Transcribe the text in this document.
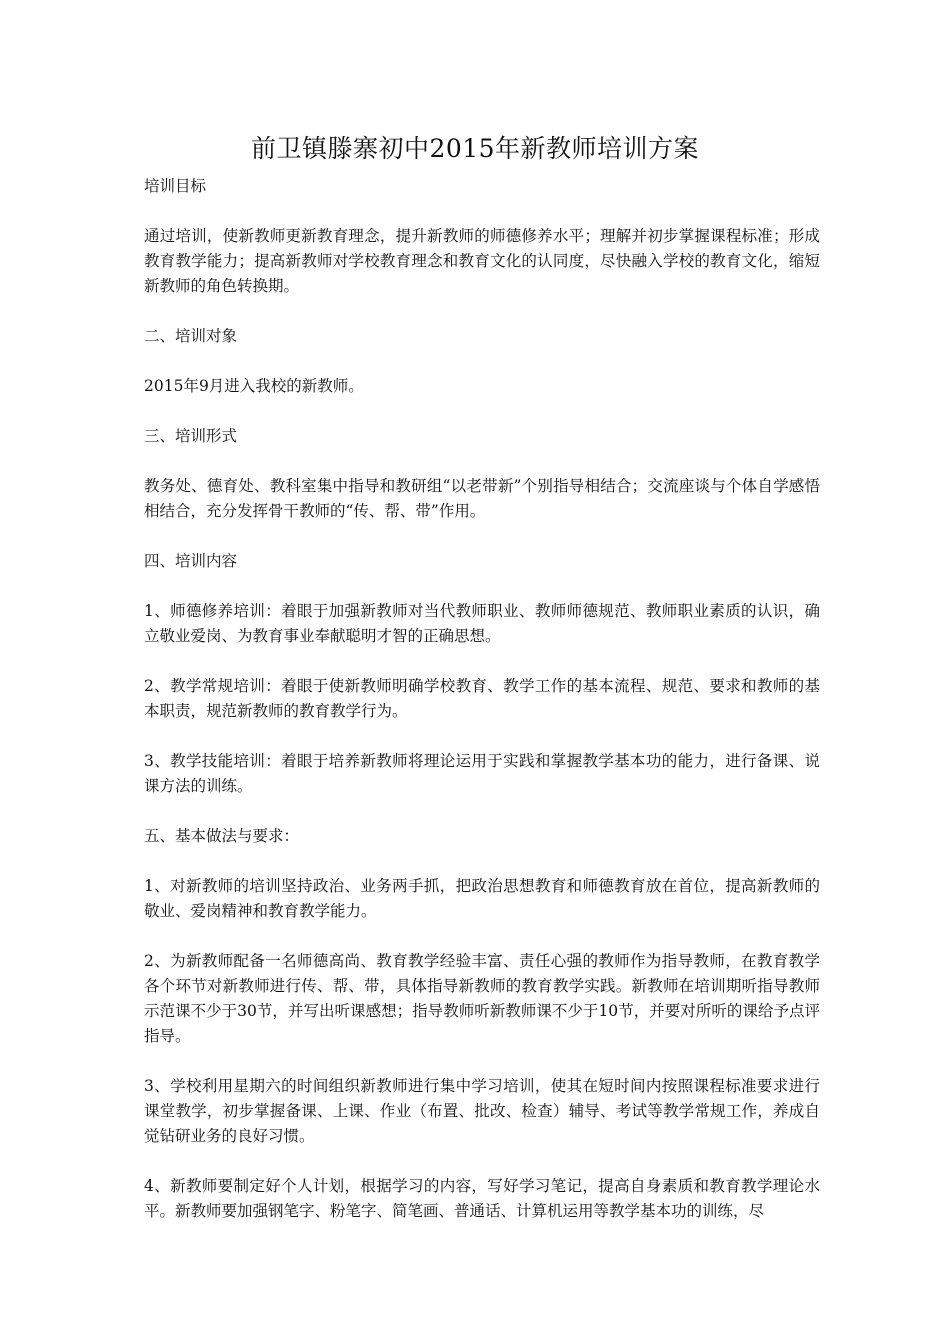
前卫镇滕寨初中2015年新教师培训方案

培训目标

通过培训，使新教师更新教育理念，提升新教师的师德修养水平；理解并初步掌握课程标准；形成教育教学能力；提高新教师对学校教育理念和教育文化的认同度，尽快融入学校的教育文化，缩短新教师的角色转换期。

二、培训对象

2015年9月进入我校的新教师。

三、培训形式

教务处、德育处、教科室集中指导和教研组“以老带新”个别指导相结合；交流座谈与个体自学感悟相结合，充分发挥骨干教师的“传、帮、带”作用。

四、培训内容

1、师德修养培训：着眼于加强新教师对当代教师职业、教师师德规范、教师职业素质的认识，确立敬业爱岗、为教育事业奉献聪明才智的正确思想。

2、教学常规培训：着眼于使新教师明确学校教育、教学工作的基本流程、规范、要求和教师的基本职责，规范新教师的教育教学行为。

3、教学技能培训：着眼于培养新教师将理论运用于实践和掌握教学基本功的能力，进行备课、说课方法的训练。

五、基本做法与要求：

1、对新教师的培训坚持政治、业务两手抓，把政治思想教育和师德教育放在首位，提高新教师的敬业、爱岗精神和教育教学能力。

2、为新教师配备一名师德高尚、教育教学经验丰富、责任心强的教师作为指导教师，在教育教学各个环节对新教师进行传、帮、带，具体指导新教师的教育教学实践。新教师在培训期听指导教师示范课不少于30节，并写出听课感想；指导教师听新教师课不少于10节，并要对所听的课给予点评指导。

3、学校利用星期六的时间组织新教师进行集中学习培训，使其在短时间内按照课程标准要求进行课堂教学，初步掌握备课、上课、作业（布置、批改、检查）辅导、考试等教学常规工作，养成自觉钻研业务的良好习惯。

4、新教师要制定好个人计划，根据学习的内容，写好学习笔记，提高自身素质和教育教学理论水平。新教师要加强钢笔字、粉笔字、简笔画、普通话、计算机运用等教学基本功的训练，尽
